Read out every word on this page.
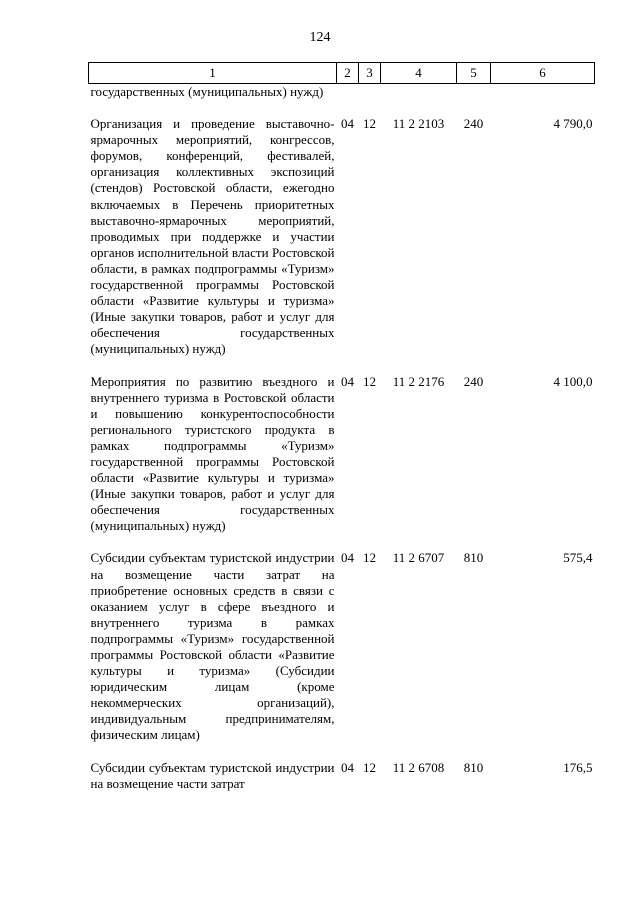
124
1	2	3	4	5	6
государственных (муниципальных) нужд)					

Организация и проведение выставочно-ярмарочных мероприятий, конгрессов, форумов, конференций, фестивалей, организация коллективных экспозиций (стендов) Ростовской области, ежегодно включаемых в Перечень приоритетных выставочно-ярмарочных мероприятий, проводимых при поддержке и участии органов исполнительной власти Ростовской области, в рамках подпрограммы «Туризм» государственной программы Ростовской области «Развитие культуры и туризма» (Иные закупки товаров, работ и услуг для обеспечения государственных (муниципальных) нужд)	04	12	11 2 2103	240	4 790,0

Мероприятия по развитию въездного и внутреннего туризма в Ростовской области и повышению конкурентоспособности регионального туристского продукта в рамках подпрограммы «Туризм» государственной программы Ростовской области «Развитие культуры и туризма» (Иные закупки товаров, работ и услуг для обеспечения государственных (муниципальных) нужд)	04	12	11 2 2176	240	4 100,0

Субсидии субъектам туристской индустрии на возмещение части затрат на приобретение основных средств в связи с оказанием услуг в сфере въездного и внутреннего туризма в рамках подпрограммы «Туризм» государственной программы Ростовской области «Развитие культуры и туризма» (Субсидии юридическим лицам (кроме некоммерческих организаций), индивидуальным предпринимателям, физическим лицам)	04	12	11 2 6707	810	575,4

Субсидии субъектам туристской индустрии на возмещение части затрат	04	12	11 2 6708	810	176,5
